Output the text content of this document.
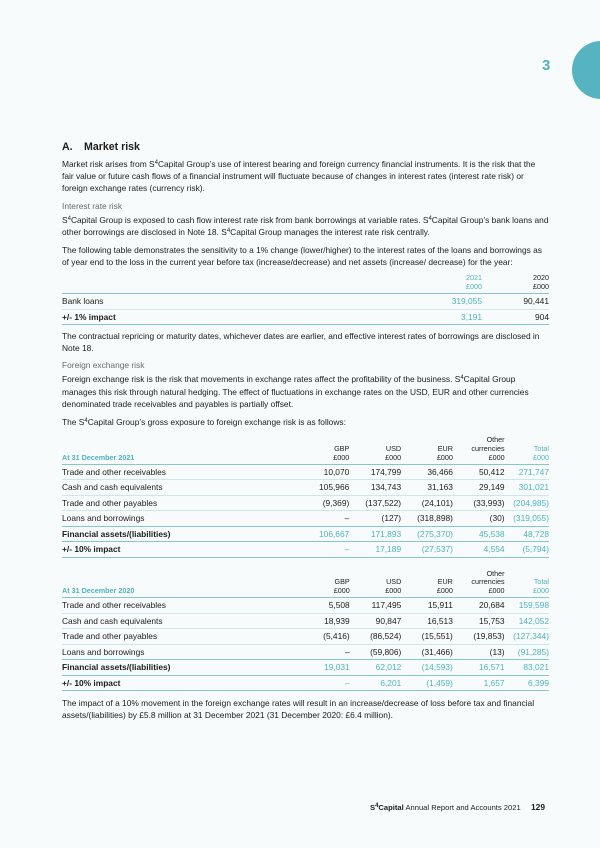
3
A. Market risk

Market risk arises from $S^4Capital$ Group’s use of interest bearing and foreign currency financial instruments. It is the risk that the fair value or future cash flows of a financial instrument will fluctuate because of changes in interest rates (interest rate risk) or foreign exchange rates (currency risk).

Interest rate risk

$S^4Capital$ Group is exposed to cash flow interest rate risk from bank borrowings at variable rates. $S^4Capital$ Group’s bank loans and other borrowings are disclosed in Note 18. $S^4Capital$ Group manages the interest rate risk centrally.

The following table demonstrates the sensitivity to a 1% change (lower/higher) to the interest rates of the loans and borrowings as of year end to the loss in the current year before tax (increase/decrease) and net assets (increase/ decrease) for the year:

	2021
£000	2020
£000
Bank loans	319,055	90,441
+/- 1% impact	3,191	904

The contractual repricing or maturity dates, whichever dates are earlier, and effective interest rates of borrowings are disclosed in Note 18.

Foreign exchange risk

Foreign exchange risk is the risk that movements in exchange rates affect the profitability of the business. $S^4Capital$ Group manages this risk through natural hedging. The effect of fluctuations in exchange rates on the USD, EUR and other currencies denominated trade receivables and payables is partially offset.

The $S^4Capital$ Group’s gross exposure to foreign exchange risk is as follows:

At 31 December 2021	GBP
£000	USD
£000	EUR
£000	Other
currencies
£000	Total
£000
Trade and other receivables	10,070	174,799	36,466	50,412	271,747
Cash and cash equivalents	105,966	134,743	31,163	29,149	301,021
Trade and other payables	(9,369)	(137,522)	(24,101)	(33,993)	(204,985)
Loans and borrowings	–	(127)	(318,898)	(30)	(319,055)
Financial assets/(liabilities)	106,667	171,893	(275,370)	45,538	48,728
+/- 10% impact	–	17,189	(27,537)	4,554	(5,794)
At 31 December 2020	GBP
£000	USD
£000	EUR
£000	Other
currencies
£000	Total
£000
Trade and other receivables	5,508	117,495	15,911	20,684	159,598
Cash and cash equivalents	18,939	90,847	16,513	15,753	142,052
Trade and other payables	(5,416)	(86,524)	(15,551)	(19,853)	(127,344)
Loans and borrowings	–	(59,806)	(31,466)	(13)	(91,285)
Financial assets/(liabilities)	19,031	62,012	(14,593)	16,571	83,021
+/- 10% impact	–	6,201	(1,459)	1,657	6,399

The impact of a 10% movement in the foreign exchange rates will result in an increase/decrease of loss before tax and financial assets/(liabilities) by £5.8 million at 31 December 2021 (31 December 2020: £6.4 million).

$S^4Capital$ Annual Report and Accounts 2021 129
